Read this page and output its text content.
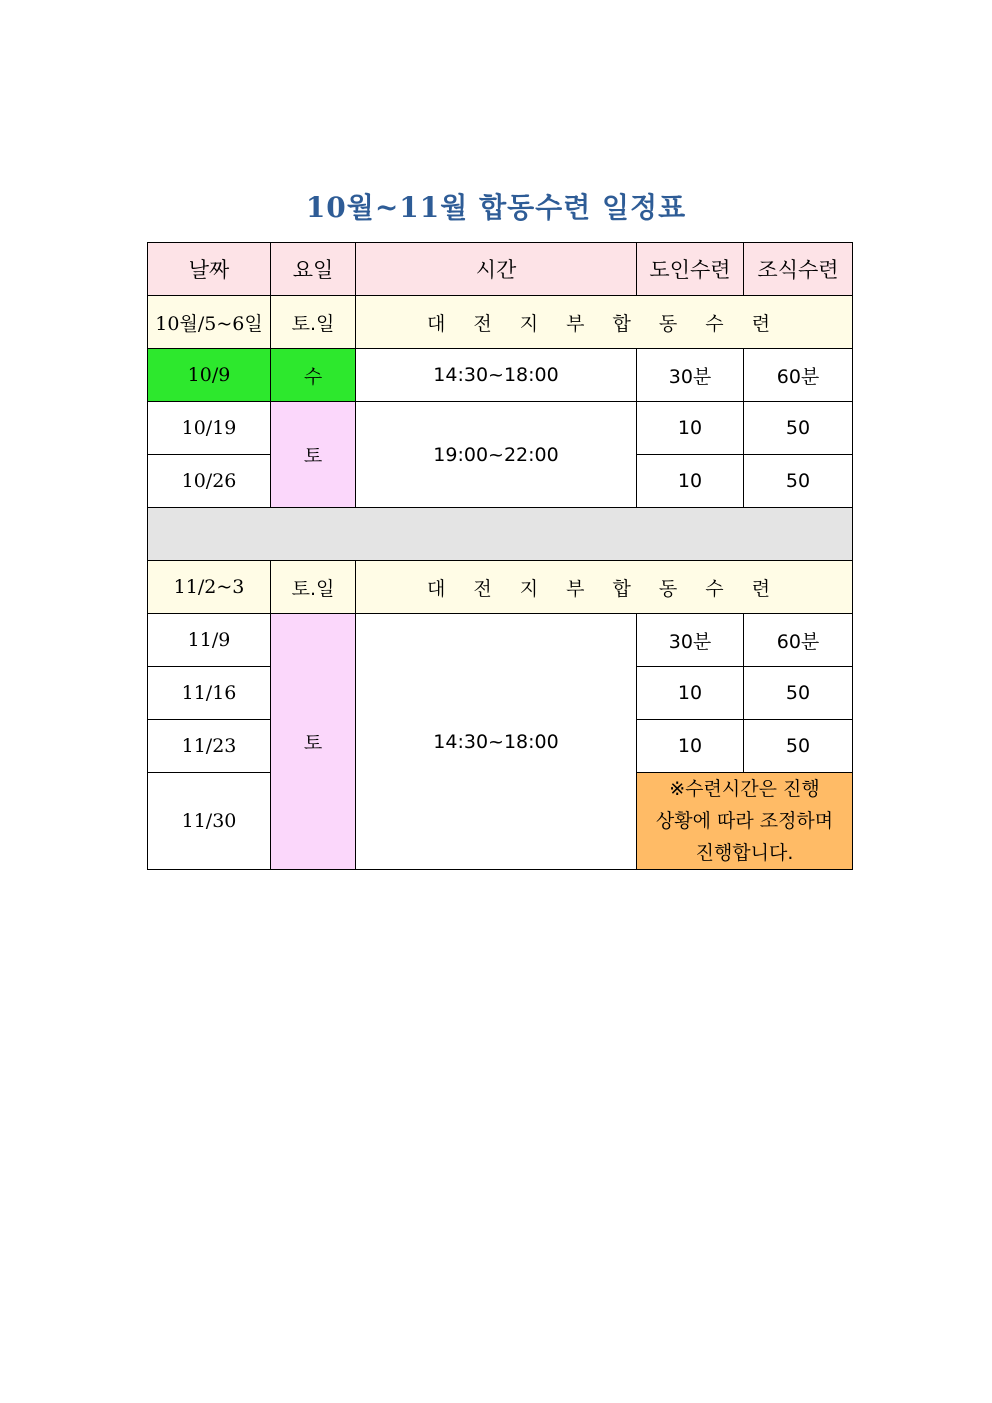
10월~11월 합동수련 일정표
날짜	요일	시간	도인수련	조식수련
10월/5~6일	토.일	대 전 지 부 합 동 수 련		
10/9	수	14:30~18:00	30분	60분
10/19	토	19:00~22:00	10	50
10/26			10	50

11/2~3	토.일	대 전 지 부 합 동 수 련		
11/9	토	14:30~18:00	30분	60분
11/16			10	50
11/23			10	50
11/30			※수련시간은 진행
상황에 따라 조정하며
진행합니다.	
